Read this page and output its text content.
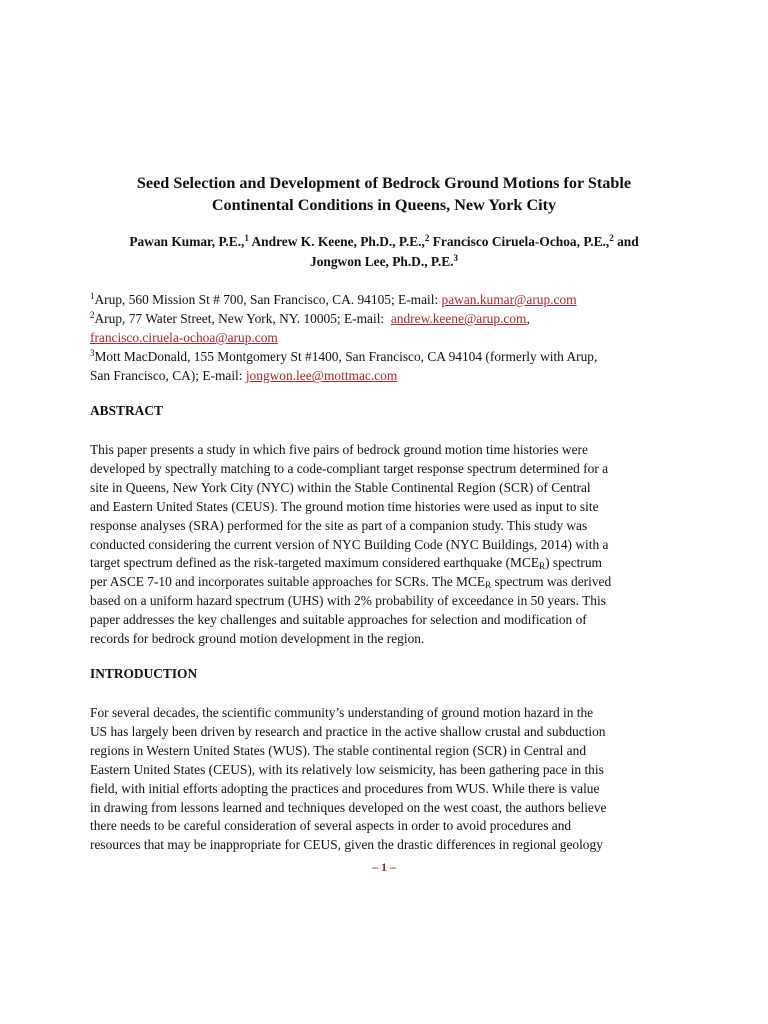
Seed Selection and Development of Bedrock Ground Motions for Stable
Continental Conditions in Queens, New York City
Pawan Kumar, P.E.,$^1$ Andrew K. Keene, Ph.D., P.E.,$^2$ Francisco Ciruela-Ochoa, P.E.,$^2$ and
Jongwon Lee, Ph.D., P.E.$^3$
$^1$Arup, 560 Mission St # 700, San Francisco, CA. 94105; E-mail: pawan.kumar@arup.com
$^2$Arup, 77 Water Street, New York, NY. 10005; E-mail:  andrew.keene@arup.com,
francisco.ciruela-ochoa@arup.com
$^3$Mott MacDonald, 155 Montgomery St #1400, San Francisco, CA 94104 (formerly with Arup,
San Francisco, CA); E-mail: jongwon.lee@mottmac.com
ABSTRACT
This paper presents a study in which five pairs of bedrock ground motion time histories were
developed by spectrally matching to a code-compliant target response spectrum determined for a
site in Queens, New York City (NYC) within the Stable Continental Region (SCR) of Central
and Eastern United States (CEUS). The ground motion time histories were used as input to site
response analyses (SRA) performed for the site as part of a companion study. This study was
conducted considering the current version of NYC Building Code (NYC Buildings, 2014) with a
target spectrum defined as the risk-targeted maximum considered earthquake $(MCE_R)$ spectrum
per ASCE 7-10 and incorporates suitable approaches for SCRs. The $MCE_R$ spectrum was derived
based on a uniform hazard spectrum (UHS) with 2% probability of exceedance in 50 years. This
paper addresses the key challenges and suitable approaches for selection and modification of
records for bedrock ground motion development in the region.
INTRODUCTION
For several decades, the scientific community’s understanding of ground motion hazard in the
US has largely been driven by research and practice in the active shallow crustal and subduction
regions in Western United States (WUS). The stable continental region (SCR) in Central and
Eastern United States (CEUS), with its relatively low seismicity, has been gathering pace in this
field, with initial efforts adopting the practices and procedures from WUS. While there is value
in drawing from lessons learned and techniques developed on the west coast, the authors believe
there needs to be careful consideration of several aspects in order to avoid procedures and
resources that may be inappropriate for CEUS, given the drastic differences in regional geology
– 1 –
